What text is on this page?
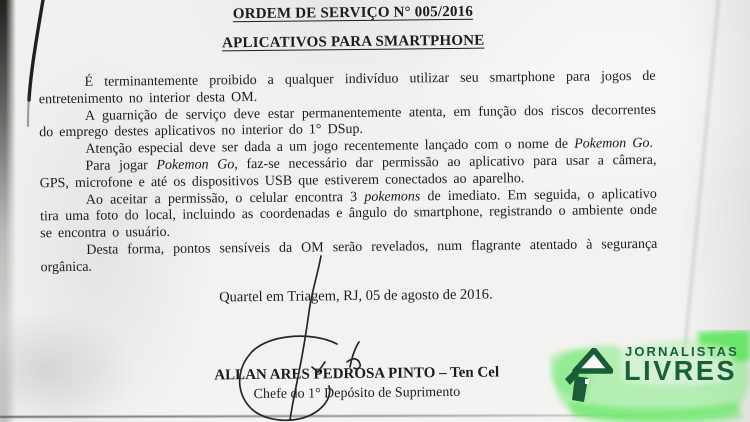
ORDEM DE SERVIÇO N° 005/2016
APLICATIVOS PARA SMARTPHONE

É terminantemente proibido a qualquer indivíduo utilizar seu smartphone para jogos de entretenimento no interior desta OM.

A guarnição de serviço deve estar permanentemente atenta, em função dos riscos decorrentes do emprego destes aplicativos no interior do 1° DSup.

Atenção especial deve ser dada a um jogo recentemente lançado com o nome de Pokemon Go.

Para jogar Pokemon Go, faz-se necessário dar permissão ao aplicativo para usar a câmera, GPS, microfone e até os dispositivos USB que estiverem conectados ao aparelho.

Ao aceitar a permissão, o celular encontra 3 pokemons de imediato. Em seguida, o aplicativo tira uma foto do local, incluindo as coordenadas e ângulo do smartphone, registrando o ambiente onde se encontra o usuário.

Desta forma, pontos sensíveis da OM serão revelados, num flagrante atentado à segurança orgânica.

Quartel em Triagem, RJ, 05 de agosto de 2016.
ALLAN ARES PEDROSA PINTO – Ten Cel
Chefe do 1° Depósito de Suprimento
JORNALISTAS
LIVRES
